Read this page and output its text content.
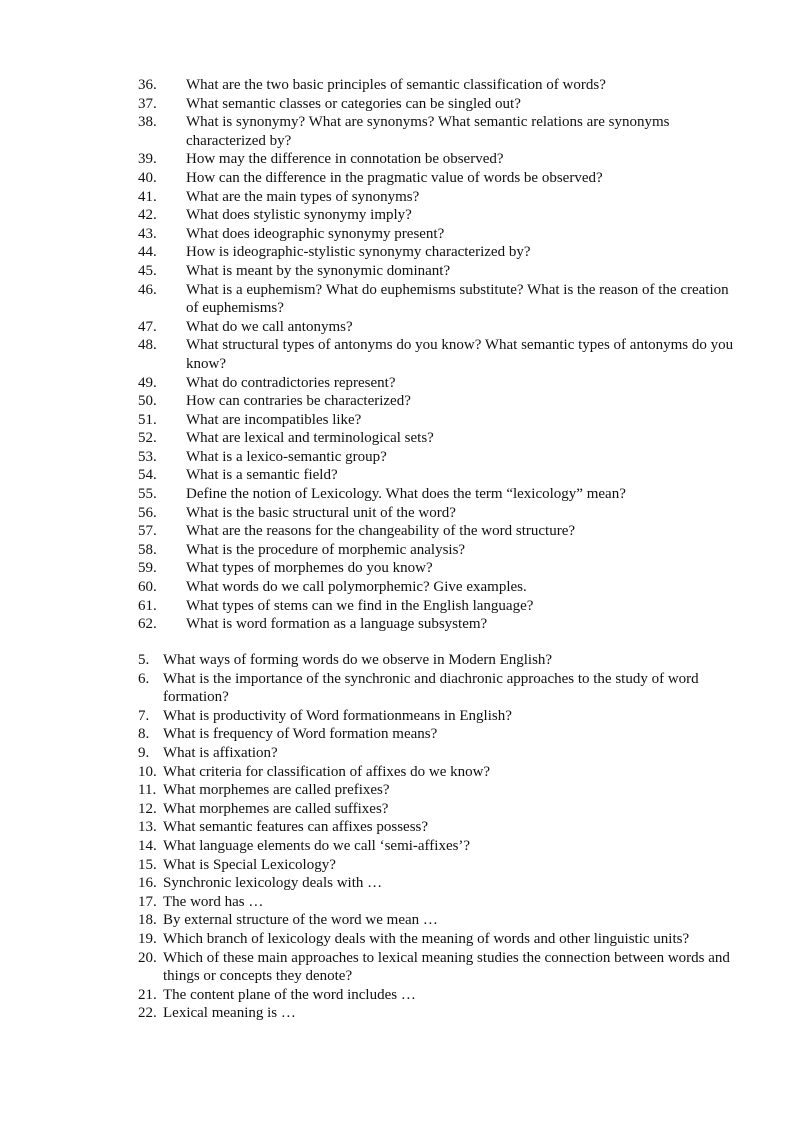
36.	What are the two basic principles of semantic classification of words?
37.	What semantic classes or categories can be singled out?
38.	What is synonymy? What are synonyms? What semantic relations are synonyms characterized by?
39.	How may the difference in connotation be observed?
40.	How can the difference in the pragmatic value of words be observed?
41.	What are the main types of synonyms?
42.	What does stylistic synonymy imply?
43.	What does ideographic synonymy present?
44.	How is ideographic-stylistic synonymy characterized by?
45.	What is meant by the synonymic dominant?
46.	What is a euphemism? What do euphemisms substitute? What is the reason of the creation of euphemisms?
47.	What do we call antonyms?
48.	What structural types of antonyms do you know? What semantic types of antonyms do you know?
49.	What do contradictories represent?
50.	How can contraries be characterized?
51.	What are incompatibles like?
52.	What are lexical and terminological sets?
53.	What is a lexico-semantic group?
54.	What is a semantic field?
55.	Define the notion of Lexicology. What does the term “lexicology” mean?
56.	What is the basic structural unit of the word?
57.	What are the reasons for the changeability of the word structure?
58.	What is the procedure of morphemic analysis?
59.	What types of morphemes do you know?
60.	What words do we call polymorphemic? Give examples.
61.	What types of stems can we find in the English language?
62.	What is word formation as a language subsystem?
5. What ways of forming words do we observe in Modern English?
6. What is the importance of the synchronic and diachronic approaches to the study of word formation?
7. What is productivity of Word formationmeans in English?
8. What is frequency of Word formation means?
9. What is affixation?
10. What criteria for classification of affixes do we know?
11. What morphemes are called prefixes?
12. What morphemes are called suffixes?
13. What semantic features can affixes possess?
14. What language elements do we call ‘semi-affixes’?
15. What is Special Lexicology?
16. Synchronic lexicology deals with …
17. The word has …
18. By external structure of the word we mean …
19. Which branch of lexicology deals with the meaning of words and other linguistic units?
20. Which of these main approaches to lexical meaning studies the connection between words and things or concepts they denote?
21. The content plane of the word includes …
22. Lexical meaning is …
